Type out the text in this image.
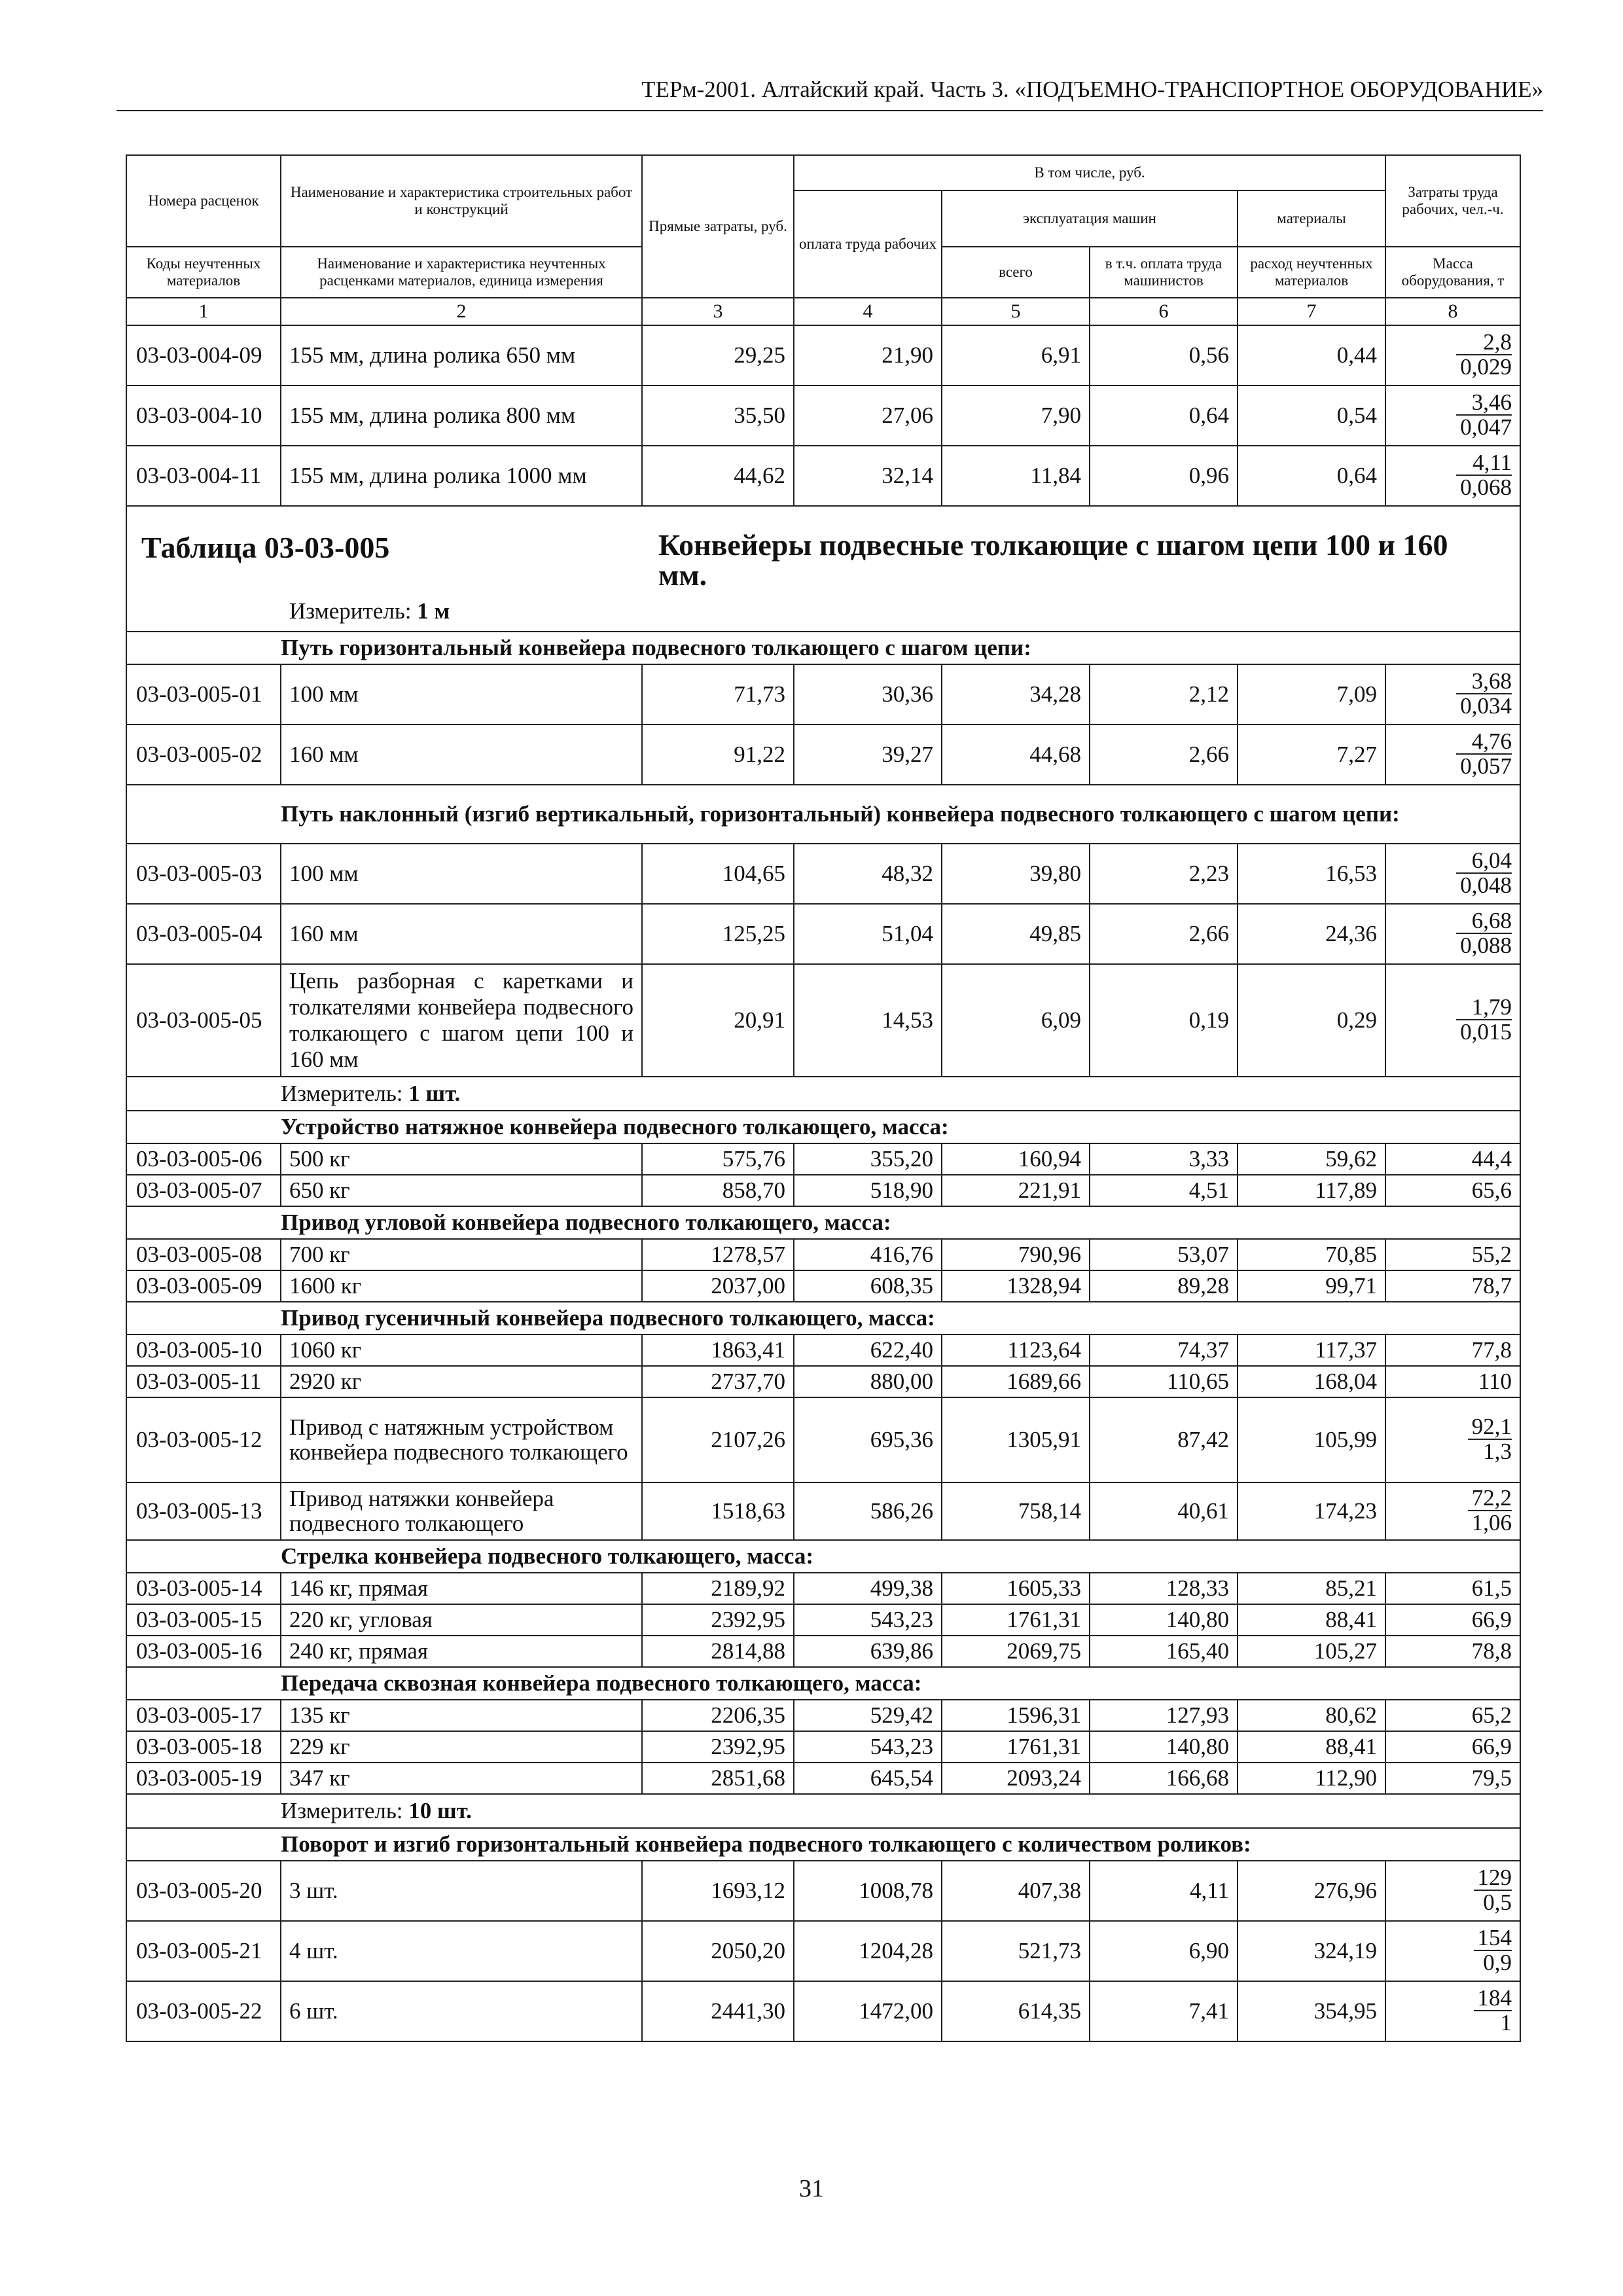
ТЕРм-2001. Алтайский край. Часть 3. «ПОДЪЕМНО-ТРАНСПОРТНОЕ ОБОРУДОВАНИЕ»
Номера расценок	Наименование и характеристика строительных работ и конструкций	Прямые затраты, руб.	В том числе, руб.				Затраты труда рабочих, чел.-ч.
			оплата труда рабочих	эксплуатация машин		материалы	
Коды неучтенных материалов	Наименование и характеристика неучтенных расценками материалов, единица измерения			всего	в т.ч. оплата труда машинистов	расход неучтенных материалов	Масса оборудования, т
1	2	3	4	5	6	7	8
03-03-004-09	155 мм, длина ролика 650 мм	29,25	21,90	6,91	0,56	0,44	$\frac{2,8}{0,029}$

03-03-004-10	155 мм, длина ролика 800 мм	35,50	27,06	7,90	0,64	0,54	$\frac{3,46}{0,047}$

03-03-004-11	155 мм, длина ролика 1000 мм	44,62	32,14	11,84	0,96	0,64	$\frac{4,11}{0,068}$

Таблица 03-03-005 Конвейеры подвесные толкающие с шагом цепи 100 и 160 мм.
Измеритель: 1 м							

	Путь горизонтальный конвейера подвесного толкающего с шагом цепи:						
03-03-005-01	100 мм	71,73	30,36	34,28	2,12	7,09	$\frac{3,68}{0,034}$

03-03-005-02	160 мм	91,22	39,27	44,68	2,66	7,27	$\frac{4,76}{0,057}$

	Путь наклонный (изгиб вертикальный, горизонтальный) конвейера подвесного толкающего с шагом цепи:						
03-03-005-03	100 мм	104,65	48,32	39,80	2,23	16,53	$\frac{6,04}{0,048}$

03-03-005-04	160 мм	125,25	51,04	49,85	2,66	24,36	$\frac{6,68}{0,088}$

03-03-005-05	Цепь разборная с каретками и толкателями конвейера подвесного толкающего с шагом цепи 100 и 160 мм	20,91	14,53	6,09	0,19	0,29	$\frac{1,79}{0,015}$

	Измеритель: 1 шт.						
	Устройство натяжное конвейера подвесного толкающего, масса:						
03-03-005-06	500 кг	575,76	355,20	160,94	3,33	59,62	44,4
03-03-005-07	650 кг	858,70	518,90	221,91	4,51	117,89	65,6
	Привод угловой конвейера подвесного толкающего, масса:						
03-03-005-08	700 кг	1278,57	416,76	790,96	53,07	70,85	55,2
03-03-005-09	1600 кг	2037,00	608,35	1328,94	89,28	99,71	78,7
	Привод гусеничный конвейера подвесного толкающего, масса:						
03-03-005-10	1060 кг	1863,41	622,40	1123,64	74,37	117,37	77,8
03-03-005-11	2920 кг	2737,70	880,00	1689,66	110,65	168,04	110
03-03-005-12	Привод с натяжным устройством конвейера подвесного толкающего	2107,26	695,36	1305,91	87,42	105,99	$\frac{92,1}{1,3}$

03-03-005-13	Привод натяжки конвейера подвесного толкающего	1518,63	586,26	758,14	40,61	174,23	$\frac{72,2}{1,06}$

	Стрелка конвейера подвесного толкающего, масса:						
03-03-005-14	146 кг, прямая	2189,92	499,38	1605,33	128,33	85,21	61,5
03-03-005-15	220 кг, угловая	2392,95	543,23	1761,31	140,80	88,41	66,9
03-03-005-16	240 кг, прямая	2814,88	639,86	2069,75	165,40	105,27	78,8
	Передача сквозная конвейера подвесного толкающего, масса:						
03-03-005-17	135 кг	2206,35	529,42	1596,31	127,93	80,62	65,2
03-03-005-18	229 кг	2392,95	543,23	1761,31	140,80	88,41	66,9
03-03-005-19	347 кг	2851,68	645,54	2093,24	166,68	112,90	79,5
	Измеритель: 10 шт.						
	Поворот и изгиб горизонтальный конвейера подвесного толкающего с количеством роликов:						
03-03-005-20	3 шт.	1693,12	1008,78	407,38	4,11	276,96	$\frac{129}{0,5}$

03-03-005-21	4 шт.	2050,20	1204,28	521,73	6,90	324,19	$\frac{154}{0,9}$

03-03-005-22	6 шт.	2441,30	1472,00	614,35	7,41	354,95	$\frac{184}{1}$
31
